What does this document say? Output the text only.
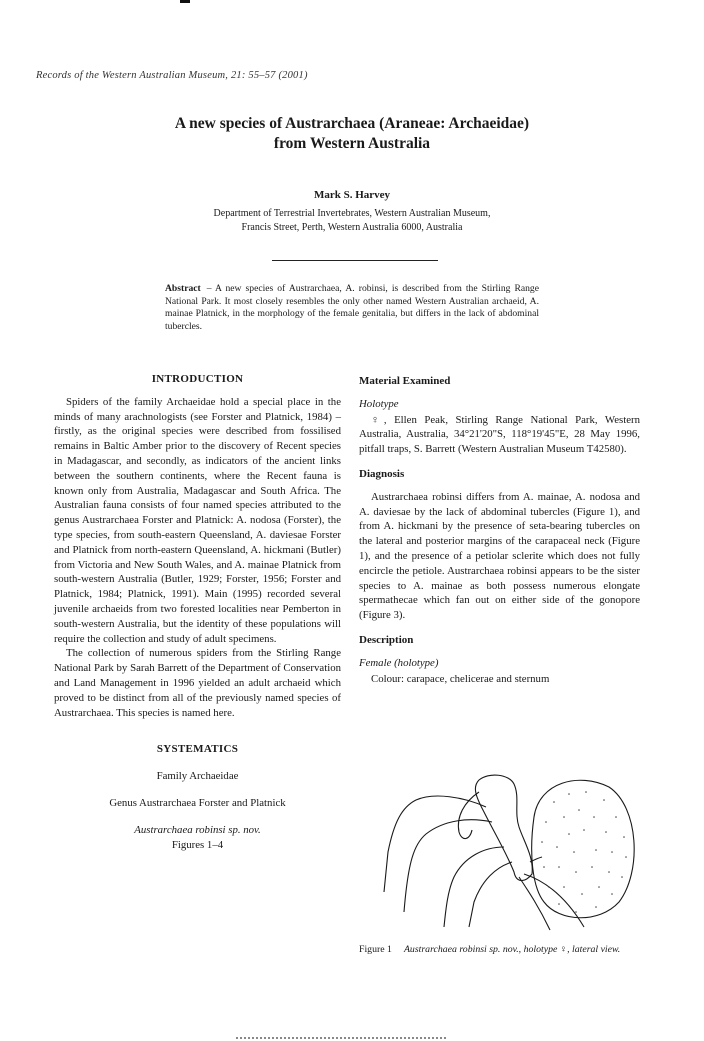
Records of the Western Australian Museum, 21: 55–57 (2001)
A new species of Austrarchaea (Araneae: Archaeidae)
from Western Australia
Mark S. Harvey
Department of Terrestrial Invertebrates, Western Australian Museum,
Francis Street, Perth, Western Australia 6000, Australia
Abstract – A new species of Austrarchaea, A. robinsi, is described from the Stirling Range National Park. It most closely resembles the only other named Western Australian archaeid, A. mainae Platnick, in the morphology of the female genitalia, but differs in the lack of abdominal tubercles.
INTRODUCTION

Spiders of the family Archaeidae hold a special place in the minds of many arachnologists (see Forster and Platnick, 1984) – firstly, as the original species were described from fossilised remains in Baltic Amber prior to the discovery of Recent species in Madagascar, and secondly, as indicators of the ancient links between the southern continents, where the Recent fauna is known only from Australia, Madagascar and South Africa. The Australian fauna consists of four named species attributed to the genus Austrarchaea Forster and Platnick: A. nodosa (Forster), the type species, from south-eastern Queensland, A. daviesae Forster and Platnick from north-eastern Queensland, A. hickmani (Butler) from Victoria and New South Wales, and A. mainae Platnick from south-western Australia (Butler, 1929; Forster, 1956; Forster and Platnick, 1984; Platnick, 1991). Main (1995) recorded several juvenile archaeids from two forested localities near Pemberton in south-western Australia, but the identity of these populations will require the collection and study of adult specimens.

The collection of numerous spiders from the Stirling Range National Park by Sarah Barrett of the Department of Conservation and Land Management in 1996 yielded an adult archaeid which proved to be distinct from all of the previously named species of Austrarchaea. This species is named here.

SYSTEMATICS

Family Archaeidae

Genus Austrarchaea Forster and Platnick

Austrarchaea robinsi sp. nov.

Figures 1–4

Material Examined
Holotype

♀, Ellen Peak, Stirling Range National Park, Western Australia, Australia, 34°21'20"S, 118°19'45"E, 28 May 1996, pitfall traps, S. Barrett (Western Australian Museum T42580).

Diagnosis

Austrarchaea robinsi differs from A. mainae, A. nodosa and A. daviesae by the lack of abdominal tubercles (Figure 1), and from A. hickmani by the presence of seta-bearing tubercles on the lateral and posterior margins of the carapaceal neck (Figure 1), and the presence of a petiolar sclerite which does not fully encircle the petiole. Austrarchaea robinsi appears to be the sister species to A. mainae as both possess numerous elongate spermathecae which fan out on either side of the gonopore (Figure 3).

Description
Female (holotype)

Colour: carapace, chelicerae and sternum

Figure 1 Austrarchaea robinsi sp. nov., holotype ♀, lateral view.
